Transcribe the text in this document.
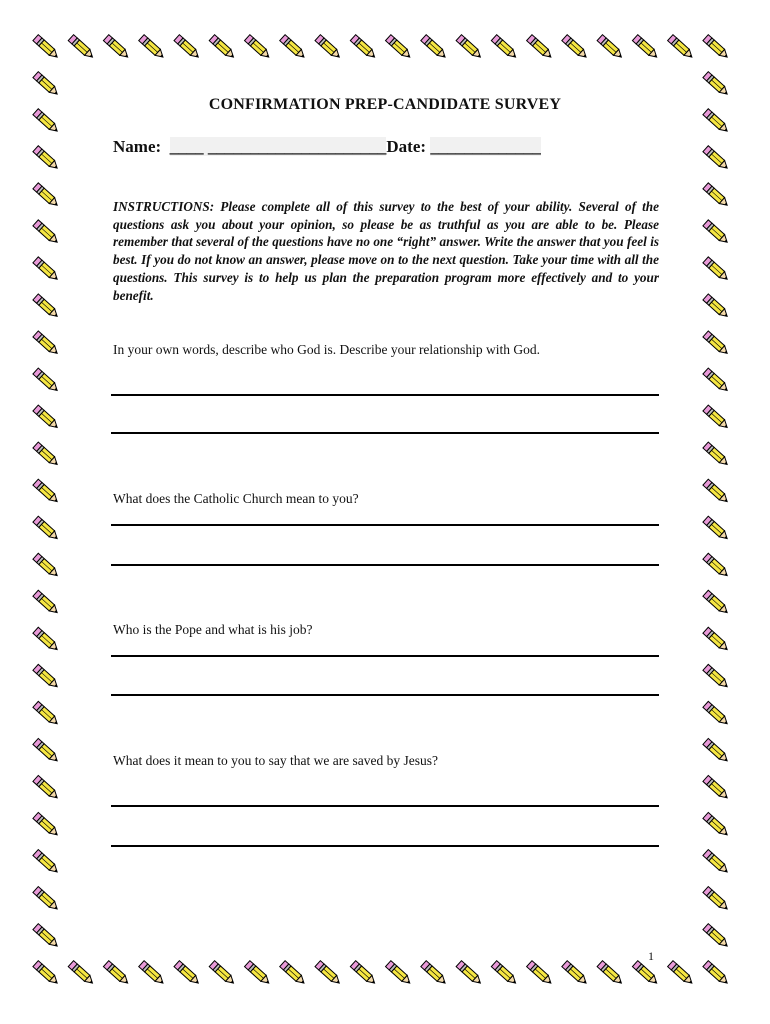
CONFIRMATION PREP-CANDIDATE SURVEY
Name: ____ _____________________Date: _____________
INSTRUCTIONS: Please complete all of this survey to the best of your ability. Several of the questions ask you about your opinion, so please be as truthful as you are able to be. Please remember that several of the questions have no one “right” answer. Write the answer that you feel is best. If you do not know an answer, please move on to the next question. Take your time with all the questions. This survey is to help us plan the preparation program more effectively and to your benefit.
In your own words, describe who God is. Describe your relationship with God.
What does the Catholic Church mean to you?
Who is the Pope and what is his job?
What does it mean to you to say that we are saved by Jesus?
1
